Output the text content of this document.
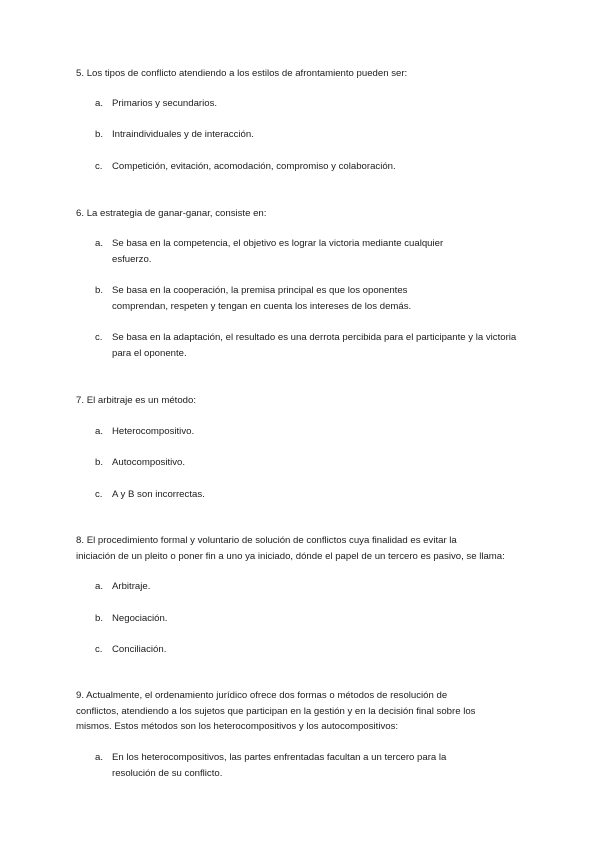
5. Los tipos de conflicto atendiendo a los estilos de afrontamiento pueden ser:

a. Primarios y secundarios.
b. Intraindividuales y de interacción.
c. Competición, evitación, acomodación, compromiso y colaboración.

6. La estrategia de ganar-ganar, consiste en:

a. Se basa en la competencia, el objetivo es lograr la victoria mediante cualquier
esfuerzo.
b. Se basa en la cooperación, la premisa principal es que los oponentes
comprendan, respeten y tengan en cuenta los intereses de los demás.
c. Se basa en la adaptación, el resultado es una derrota percibida para el participante y la victoria
para el oponente.

7. El arbitraje es un método:

a. Heterocompositivo.
b. Autocompositivo.
c. A y B son incorrectas.

8. El procedimiento formal y voluntario de solución de conflictos cuya finalidad es evitar la
iniciación de un pleito o poner fin a uno ya iniciado, dónde el papel de un tercero es pasivo, se llama:

a. Arbitraje.
b. Negociación.
c. Conciliación.

9. Actualmente, el ordenamiento jurídico ofrece dos formas o métodos de resolución de
conflictos, atendiendo a los sujetos que participan en la gestión y en la decisión final sobre los
mismos. Estos métodos son los heterocompositivos y los autocompositivos:

a. En los heterocompositivos, las partes enfrentadas facultan a un tercero para la
resolución de su conflicto.
